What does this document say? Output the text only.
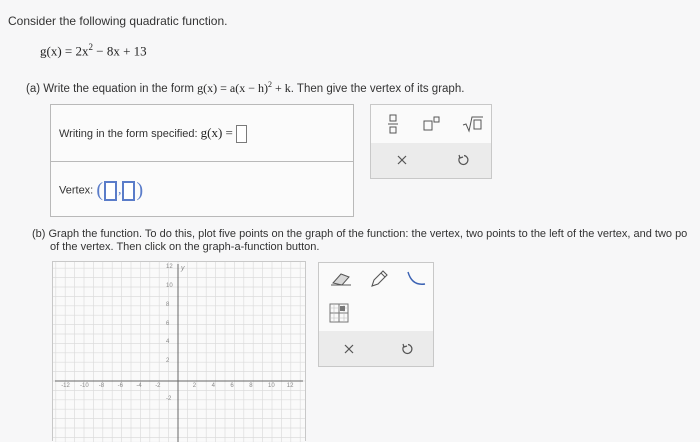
Consider the following quadratic function.
$g(x) = 2x^2 - 8x + 13$
(a) Write the equation in the form $g(x) = a(x - h)^2 + k$. Then give the vertex of its graph.
Writing in the form specified: g(x) =
Vertex: ( , )
(b) Graph the function. To do this, plot five points on the graph of the function: the vertex, two points to the left of the vertex, and two po
of the vertex. Then click on the graph-a-function button.
y
12
10
8
6
4
2
-2
-12 -10 -8 -6 -4 -2	2	4	6	8	10 12
